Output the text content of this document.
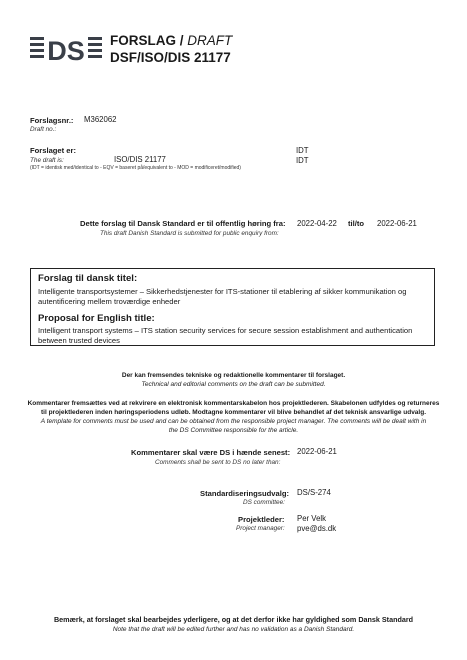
DS FORSLAG / DRAFT
DSF/ISO/DIS 21177
Forslagsnr.: M362062
Draft no.:
Forslaget er:	IDT
The draft is:	ISO/DIS 21177	IDT
(IDT = identisk med/identical to - EQV = baseret på/equivalent to - MOD = modificeret/modified)
Dette forslag til Dansk Standard er til offentlig høring fra: 2022-04-22 til/to 2022-06-21
This draft Danish Standard is submitted for public enquiry from:
Forslag til dansk titel:
Intelligente transportsystemer – Sikkerhedstjenester for ITS-stationer til etablering af sikker kommunikation og
autentificering mellem troværdige enheder
Proposal for English title:
Intelligent transport systems – ITS station security services for secure session establishment and authentication
between trusted devices
Der kan fremsendes tekniske og redaktionelle kommentarer til forslaget.
Technical and editorial comments on the draft can be submitted.
Kommentarer fremsættes ved at rekvirere en elektronisk kommentarskabelon hos projektlederen. Skabelonen udfyldes og returneres
til projektlederen inden høringsperiodens udløb. Modtagne kommentarer vil blive behandlet af det teknisk ansvarlige udvalg.
A template for comments must be used and can be obtained from the responsible project manager. The comments will be dealt with in
the DS Committee responsible for the article.
Kommentarer skal være DS i hænde senest: 2022-06-21
Comments shall be sent to DS no later than:
Standardiseringsudvalg: DS/S-274
DS committee:
Projektleder: Per Velk
Project manager: pve@ds.dk
Bemærk, at forslaget skal bearbejdes yderligere, og at det derfor ikke har gyldighed som Dansk Standard
Note that the draft will be edited further and has no validation as a Danish Standard.
